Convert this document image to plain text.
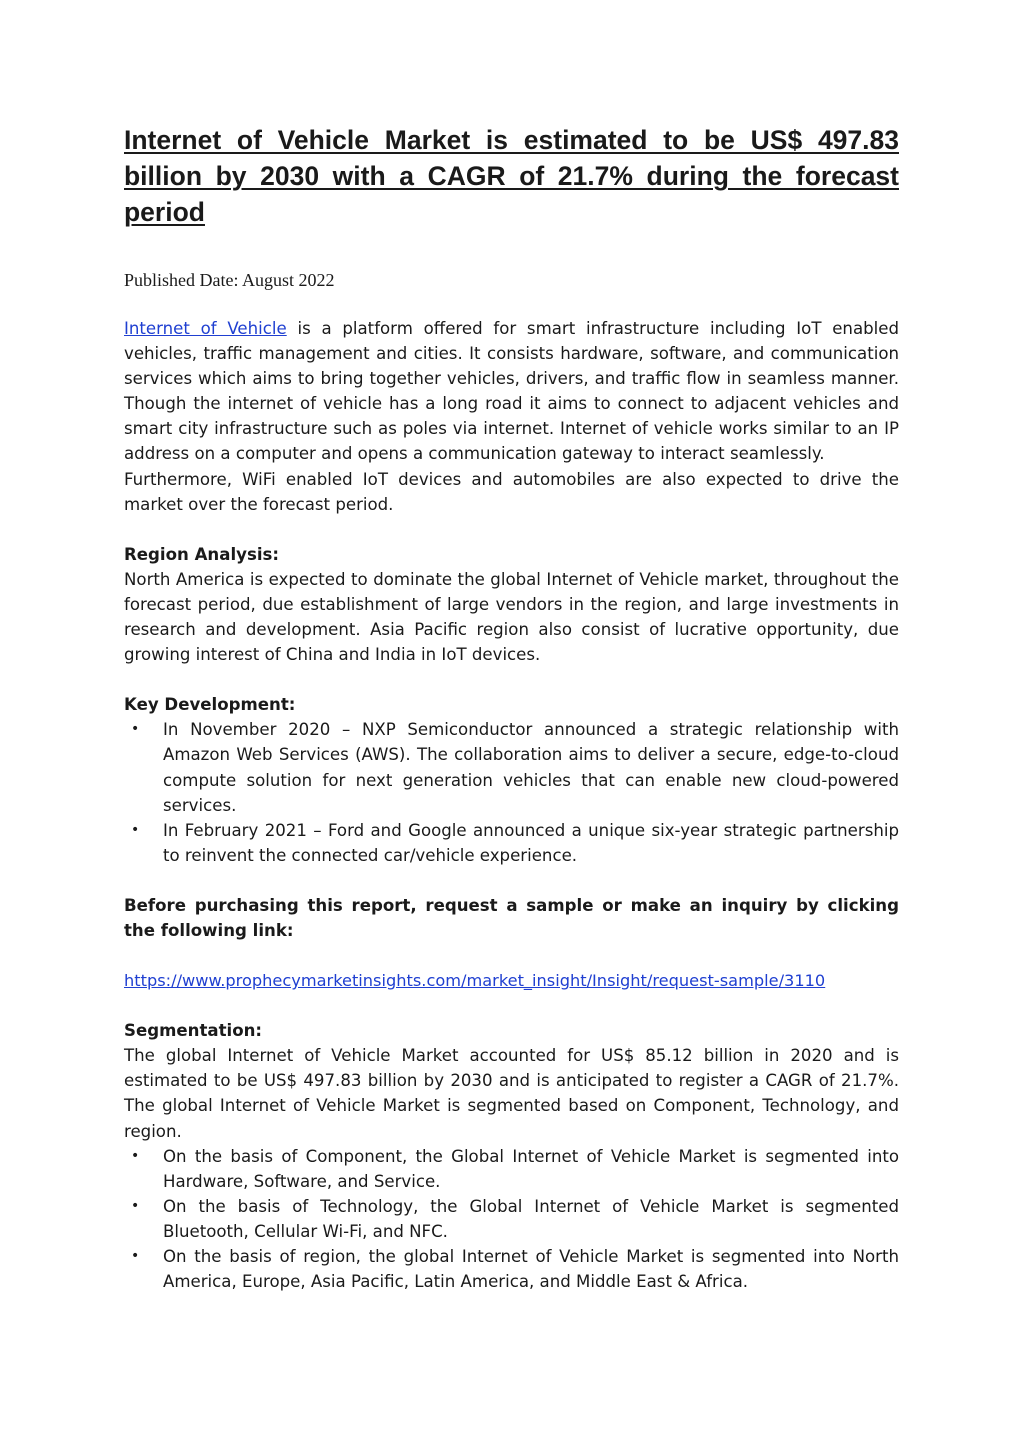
Internet of Vehicle Market is estimated to be US$ 497.83 billion by 2030 with a CAGR of 21.7% during the forecast period

Published Date: August 2022

Internet of Vehicle is a platform offered for smart infrastructure including IoT enabled vehicles, traffic management and cities. It consists hardware, software, and communication services which aims to bring together vehicles, drivers, and traffic flow in seamless manner. Though the internet of vehicle has a long road it aims to connect to adjacent vehicles and smart city infrastructure such as poles via internet. Internet of vehicle works similar to an IP address on a computer and opens a communication gateway to interact seamlessly.
Furthermore, WiFi enabled IoT devices and automobiles are also expected to drive the market over the forecast period.

Region Analysis:

North America is expected to dominate the global Internet of Vehicle market, throughout the forecast period, due establishment of large vendors in the region, and large investments in research and development. Asia Pacific region also consist of lucrative opportunity, due growing interest of China and India in IoT devices.

Key Development:

• In November 2020 – NXP Semiconductor announced a strategic relationship with Amazon Web Services (AWS). The collaboration aims to deliver a secure, edge-to-cloud compute solution for next generation vehicles that can enable new cloud-powered services.
• In February 2021 – Ford and Google announced a unique six-year strategic partnership to reinvent the connected car/vehicle experience.

Before purchasing this report, request a sample or make an inquiry by clicking the following link:

https://www.prophecymarketinsights.com/market_insight/Insight/request-sample/3110

Segmentation:

The global Internet of Vehicle Market accounted for US$ 85.12 billion in 2020 and is estimated to be US$ 497.83 billion by 2030 and is anticipated to register a CAGR of 21.7%. The global Internet of Vehicle Market is segmented based on Component, Technology, and region.

• On the basis of Component, the Global Internet of Vehicle Market is segmented into Hardware, Software, and Service.
• On the basis of Technology, the Global Internet of Vehicle Market is segmented Bluetooth, Cellular Wi-Fi, and NFC.
• On the basis of region, the global Internet of Vehicle Market is segmented into North America, Europe, Asia Pacific, Latin America, and Middle East & Africa.
